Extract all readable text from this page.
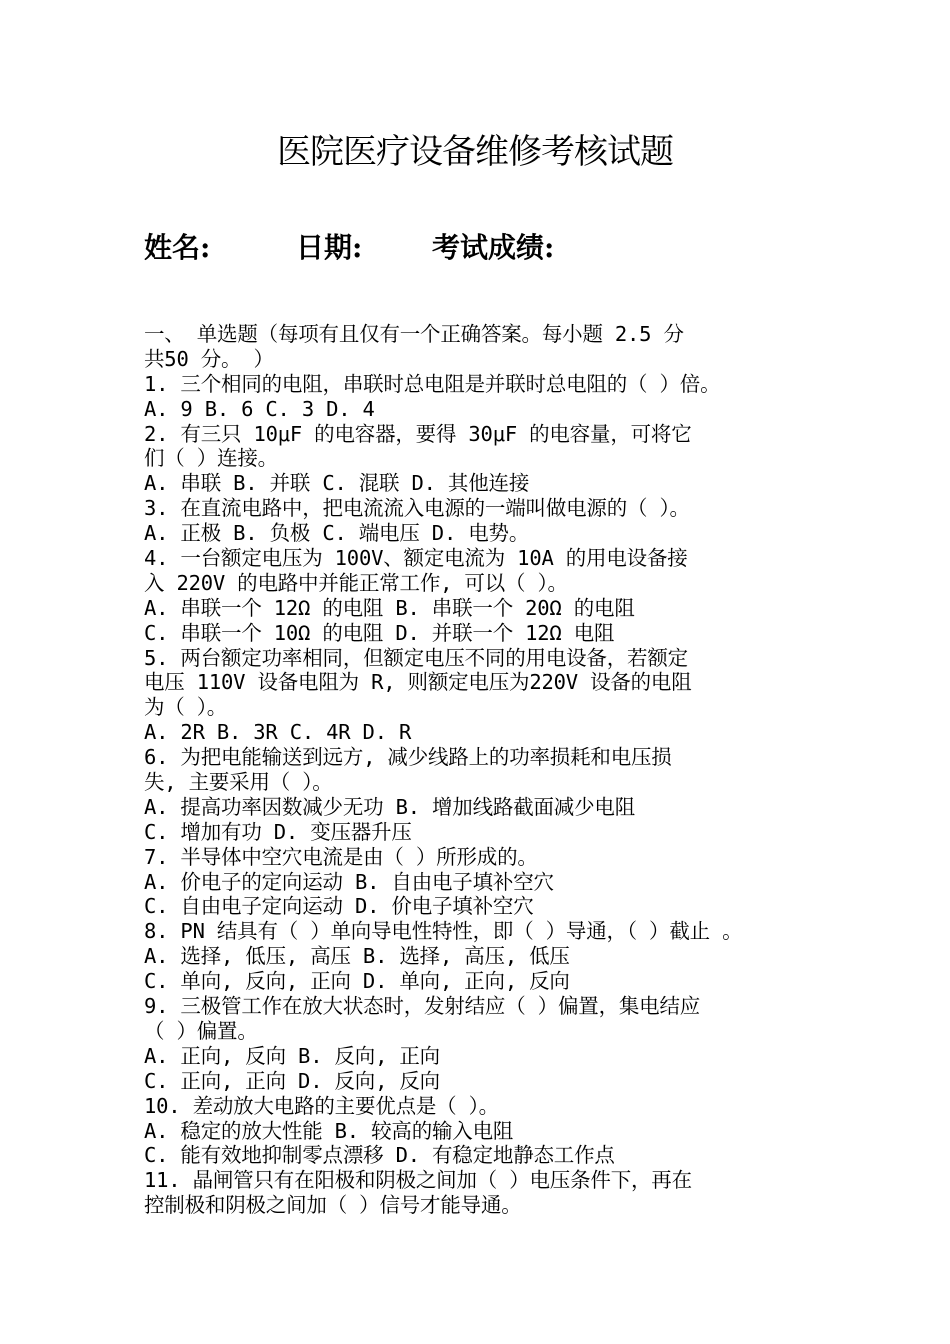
医院医疗设备维修考核试题
姓名:	日期: 考试成绩:
一、 单选题（每项有且仅有一个正确答案。每小题 2.5 分
共50 分。 ）
1. 三个相同的电阻，串联时总电阻是并联时总电阻的（ ）倍。
A. 9 B. 6 C. 3 D. 4
2. 有三只 10μF 的电容器，要得 30μF 的电容量，可将它
们（ ）连接。
A. 串联 B. 并联 C. 混联 D. 其他连接
3. 在直流电路中，把电流流入电源的一端叫做电源的（ ）。
A. 正极 B. 负极 C. 端电压 D. 电势。
4. 一台额定电压为 100V、额定电流为 10A 的用电设备接
入 220V 的电路中并能正常工作, 可以（ ）。
A. 串联一个 12Ω 的电阻 B. 串联一个 20Ω 的电阻
C. 串联一个 10Ω 的电阻 D. 并联一个 12Ω 电阻
5. 两台额定功率相同，但额定电压不同的用电设备，若额定
电压 110V 设备电阻为 R, 则额定电压为220V 设备的电阻
为（ ）。
A. 2R B. 3R C. 4R D. R
6. 为把电能输送到远方, 减少线路上的功率损耗和电压损
失, 主要采用（ ）。
A. 提高功率因数减少无功 B. 增加线路截面减少电阻
C. 增加有功 D. 变压器升压
7. 半导体中空穴电流是由（ ）所形成的。
A. 价电子的定向运动 B. 自由电子填补空穴
C. 自由电子定向运动 D. 价电子填补空穴
8. PN 结具有（ ）单向导电性特性，即（ ）导通，（ ）截止 。
A. 选择, 低压, 高压 B. 选择, 高压, 低压
C. 单向, 反向, 正向 D. 单向, 正向, 反向
9. 三极管工作在放大状态时，发射结应（ ）偏置，集电结应
（ ）偏置。
A. 正向, 反向 B. 反向, 正向
C. 正向, 正向 D. 反向, 反向
10. 差动放大电路的主要优点是（ ）。
A. 稳定的放大性能 B. 较高的输入电阻
C. 能有效地抑制零点漂移 D. 有稳定地静态工作点
11. 晶闸管只有在阳极和阴极之间加（ ）电压条件下，再在
控制极和阴极之间加（ ）信号才能导通。
